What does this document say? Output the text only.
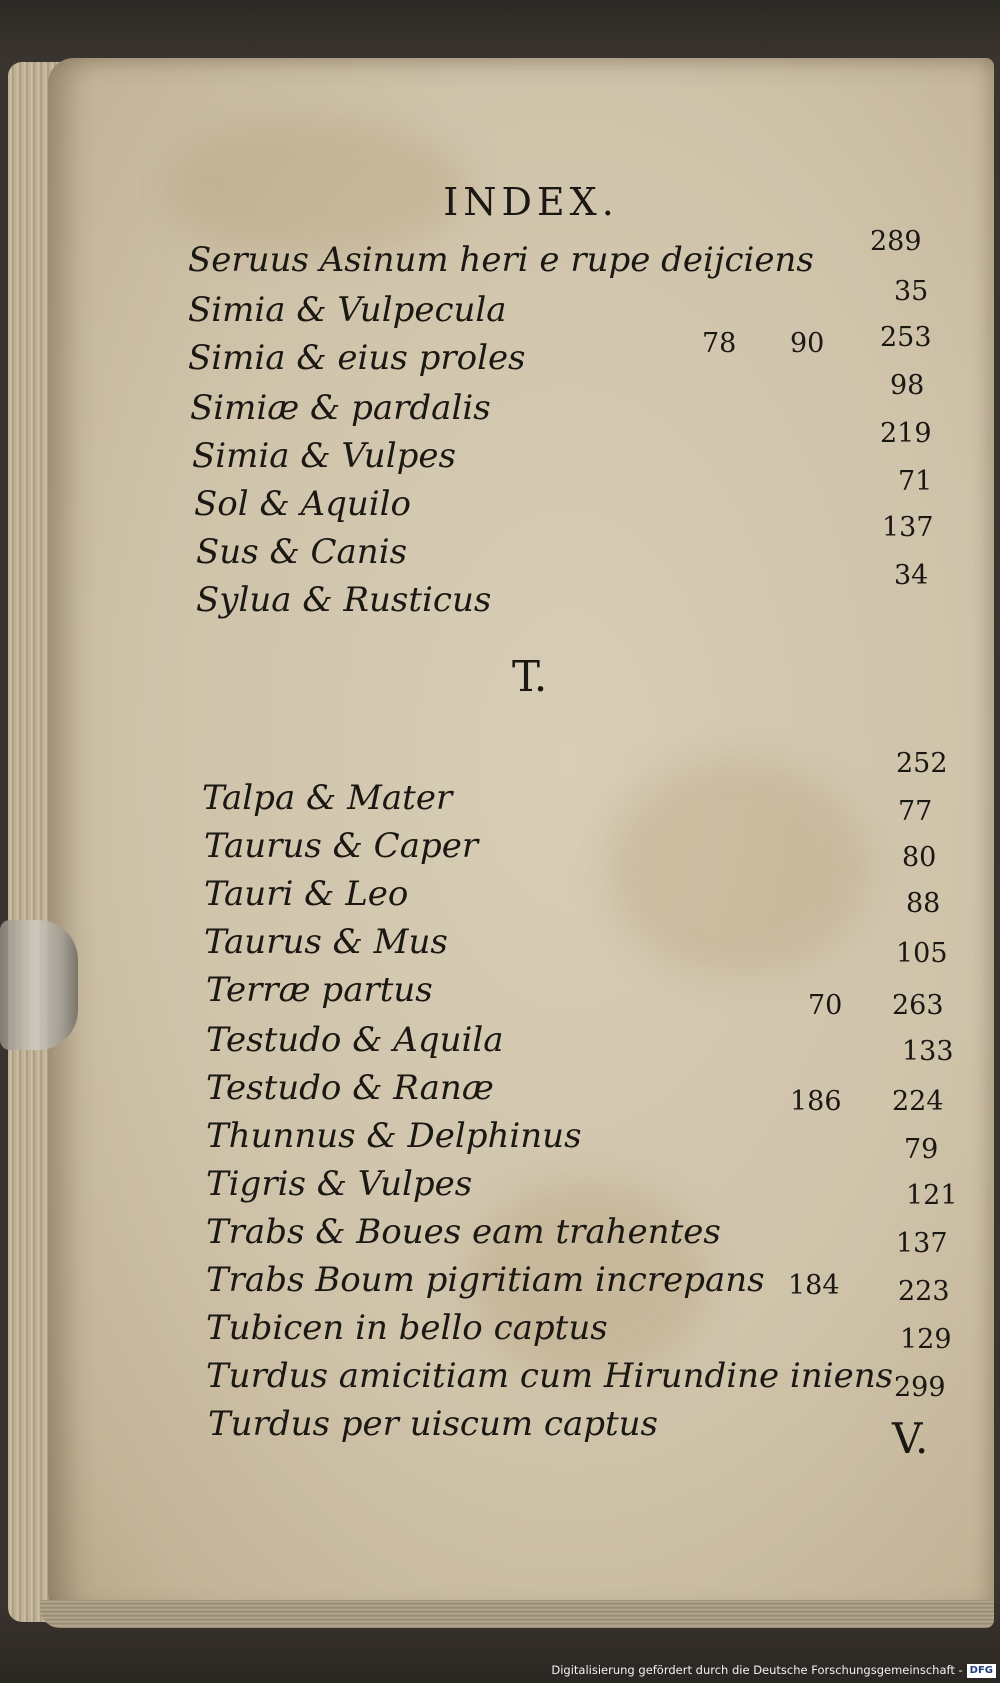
INDEX.
Seruus Asinum heri e rupe deijciens 289
Simia & Vulpecula	35
Simia & eius proles	78 90 253
Simiæ & pardalis
98
Simia & Vulpes
219
Sol & Aquilo
71
Sus & Canis
137
Sylua & Rusticus
34
T.
Talpa & Mater
252
Taurus & Caper
77
Tauri & Leo
80
Taurus & Mus
88
Terræ partus
105
Testudo & Aquila
70 263
Testudo & Ranæ
133
Thunnus & Delphinus
186 224
Tigris & Vulpes
79
Trabs & Boues eam trahentes
121
Trabs Boum pigritiam increpans
137
Tubicen in bello captus
184 223
Turdus amicitiam cum Hirundine iniens
129
Turdus per uiscum captus
299
V.
Digitalisierung gefördert durch die Deutsche Forschungsgemeinschaft - DFG
